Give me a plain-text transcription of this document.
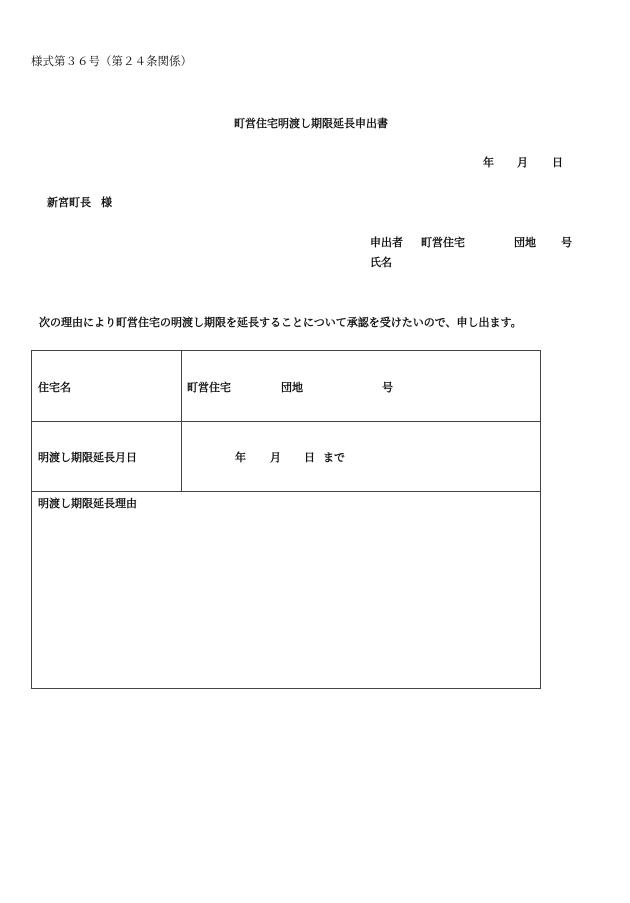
様式第３６号（第２４条関係）
町営住宅明渡し期限延長申出書
年 月 日
新宮町長 様
申出者 町営住宅	団地 号
氏名
次の理由により町営住宅の明渡し期限を延長することについて承認を受けたいので、申し出ます。
住宅名	町営住宅	団地	号
明渡し期限延長月日	年 月 日 まで
明渡し期限延長理由
